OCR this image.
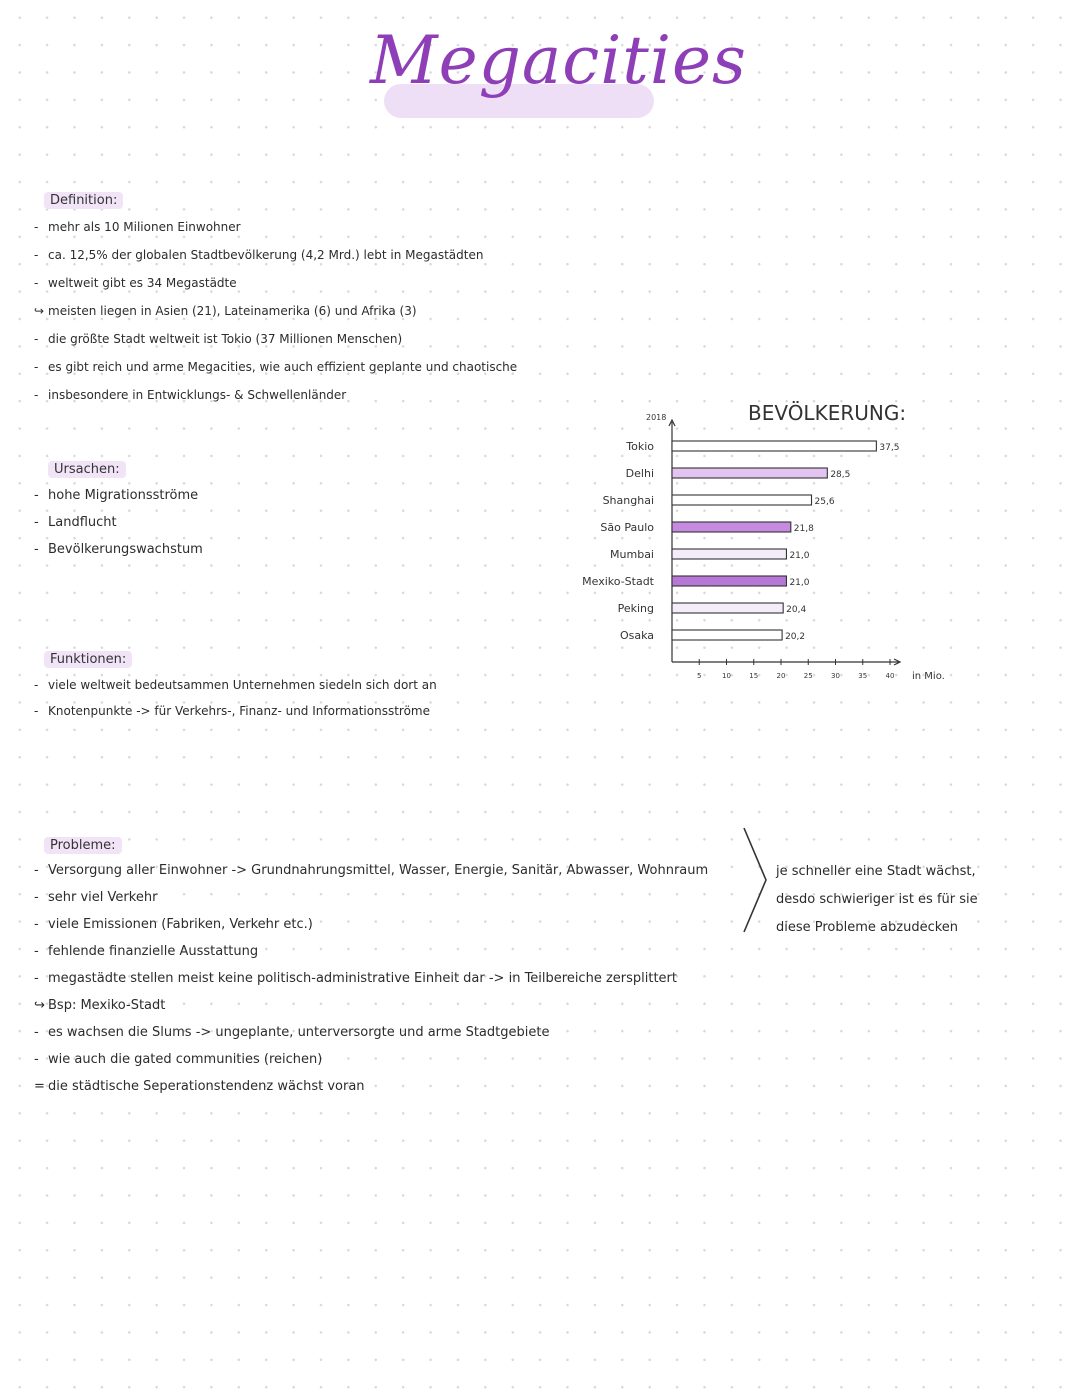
Megacities
Definition:
- mehr als 10 Milionen Einwohner
- ca. 12,5% der globalen Stadtbevölkerung (4,2 Mrd.) lebt in Megastädten
- weltweit gibt es 34 Megastädte
↪ meisten liegen in Asien (21), Lateinamerika (6) und Afrika (3)
- die größte Stadt weltweit ist Tokio (37 Millionen Menschen)
- es gibt reich und arme Megacities, wie auch effizient geplante und chaotische
- insbesondere in Entwicklungs- & Schwellenländer
Ursachen:
- hohe Migrationsströme
- Landflucht
- Bevölkerungswachstum
Funktionen:
- viele weltweit bedeutsammen Unternehmen siedeln sich dort an
- Knotenpunkte -> für Verkehrs-, Finanz- und Informationsströme
Probleme:
- Versorgung aller Einwohner -> Grundnahrungsmittel, Wasser, Energie, Sanitär, Abwasser, Wohnraum
- sehr viel Verkehr
- viele Emissionen (Fabriken, Verkehr etc.)
- fehlende finanzielle Ausstattung
- megastädte stellen meist keine politisch-administrative Einheit dar -> in Teilbereiche zersplittert
↪ Bsp: Mexiko-Stadt
- es wachsen die Slums -> ungeplante, unterversorgte und arme Stadtgebiete
- wie auch die gated communities (reichen)
= die städtische Seperationstendenz wächst voran
je schneller eine Stadt wächst,
desdo schwieriger ist es für sie
diese Probleme abzudecken
BEVÖLKERUNG:
2018
in Mio.
5	10	15	20	25	30	35	40
Tokio	37,5
Delhi	28,5
Shanghai	25,6
São Paulo	21,8
Mumbai	21,0
Mexiko-Stadt	21,0
Peking	20,4
Osaka	20,2
